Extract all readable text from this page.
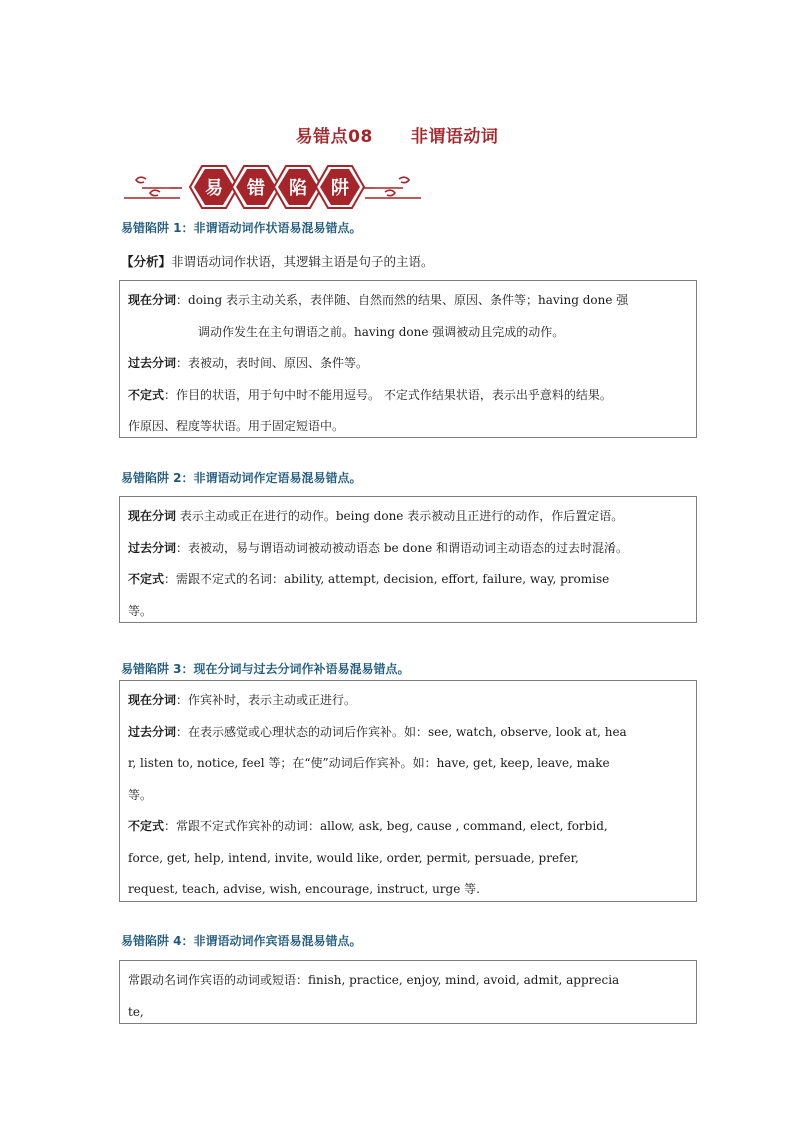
易错点08 非谓语动词
易 错 陷 阱
易错陷阱 1：非谓语动词作状语易混易错点。
【分析】非谓语动词作状语，其逻辑主语是句子的主语。
现在分词：doing 表示主动关系，表伴随、自然而然的结果、原因、条件等；having done 强
调动作发生在主句谓语之前。having done 强调被动且完成的动作。
过去分词：表被动，表时间、原因、条件等。
不定式：作目的状语，用于句中时不能用逗号。 不定式作结果状语，表示出乎意料的结果。
作原因、程度等状语。用于固定短语中。
易错陷阱 2：非谓语动词作定语易混易错点。
现在分词 表示主动或正在进行的动作。being done 表示被动且正进行的动作，作后置定语。
过去分词：表被动，易与谓语动词被动被动语态 be done 和谓语动词主动语态的过去时混淆。
不定式：需跟不定式的名词：ability, attempt, decision, effort, failure, way, promise
等。
易错陷阱 3：现在分词与过去分词作补语易混易错点。
现在分词：作宾补时，表示主动或正进行。
过去分词：在表示感觉或心理状态的动词后作宾补。如：see, watch, observe, look at, hea
r, listen to, notice, feel 等；在“使”动词后作宾补。如：have, get, keep, leave, make
等。
不定式：常跟不定式作宾补的动词：allow, ask, beg, cause , command, elect, forbid,
force, get, help, intend, invite, would like, order, permit, persuade, prefer,
request, teach, advise, wish, encourage, instruct, urge 等.
易错陷阱 4：非谓语动词作宾语易混易错点。
常跟动名词作宾语的动词或短语：finish, practice, enjoy, mind, avoid, admit, apprecia
te,
